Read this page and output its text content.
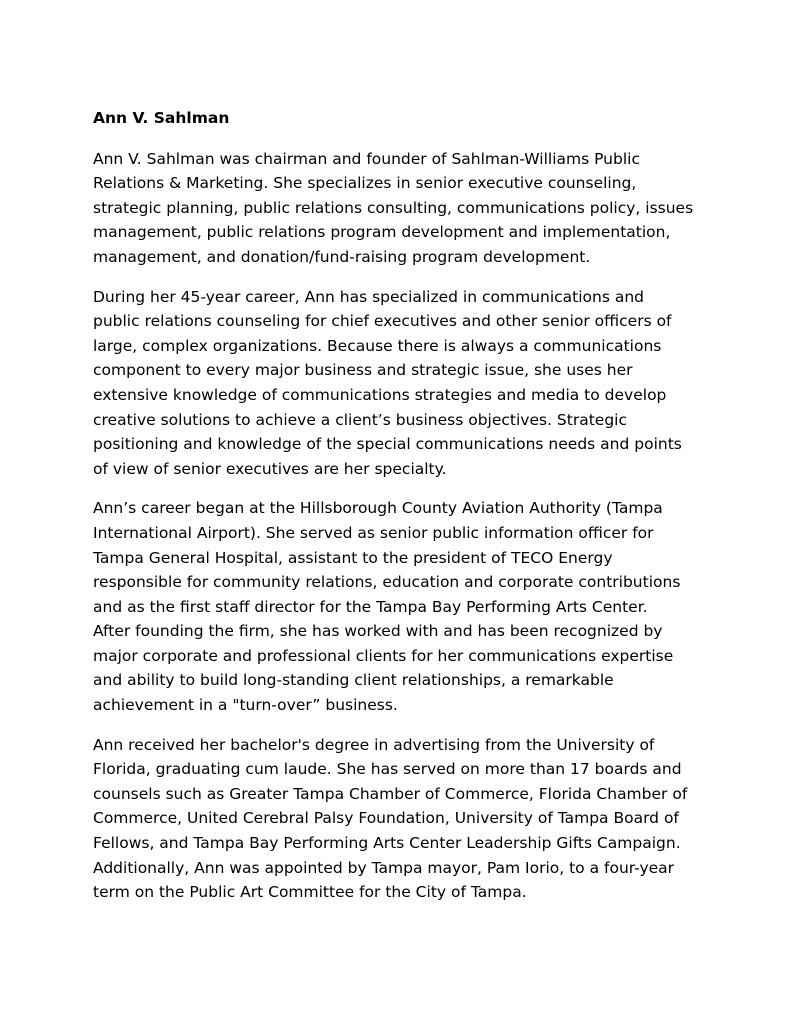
Ann V. Sahlman
Ann V. Sahlman was chairman and founder of Sahlman-Williams Public
Relations & Marketing. She specializes in senior executive counseling,
strategic planning, public relations consulting, communications policy, issues
management, public relations program development and implementation,
management, and donation/fund-raising program development.
During her 45-year career, Ann has specialized in communications and
public relations counseling for chief executives and other senior officers of
large, complex organizations. Because there is always a communications
component to every major business and strategic issue, she uses her
extensive knowledge of communications strategies and media to develop
creative solutions to achieve a client’s business objectives. Strategic
positioning and knowledge of the special communications needs and points
of view of senior executives are her specialty.
Ann’s career began at the Hillsborough County Aviation Authority (Tampa
International Airport). She served as senior public information officer for
Tampa General Hospital, assistant to the president of TECO Energy
responsible for community relations, education and corporate contributions
and as the first staff director for the Tampa Bay Performing Arts Center.
After founding the firm, she has worked with and has been recognized by
major corporate and professional clients for her communications expertise
and ability to build long-standing client relationships, a remarkable
achievement in a "turn-over” business.
Ann received her bachelor's degree in advertising from the University of
Florida, graduating cum laude. She has served on more than 17 boards and
counsels such as Greater Tampa Chamber of Commerce, Florida Chamber of
Commerce, United Cerebral Palsy Foundation, University of Tampa Board of
Fellows, and Tampa Bay Performing Arts Center Leadership Gifts Campaign.
Additionally, Ann was appointed by Tampa mayor, Pam Iorio, to a four-year
term on the Public Art Committee for the City of Tampa.
